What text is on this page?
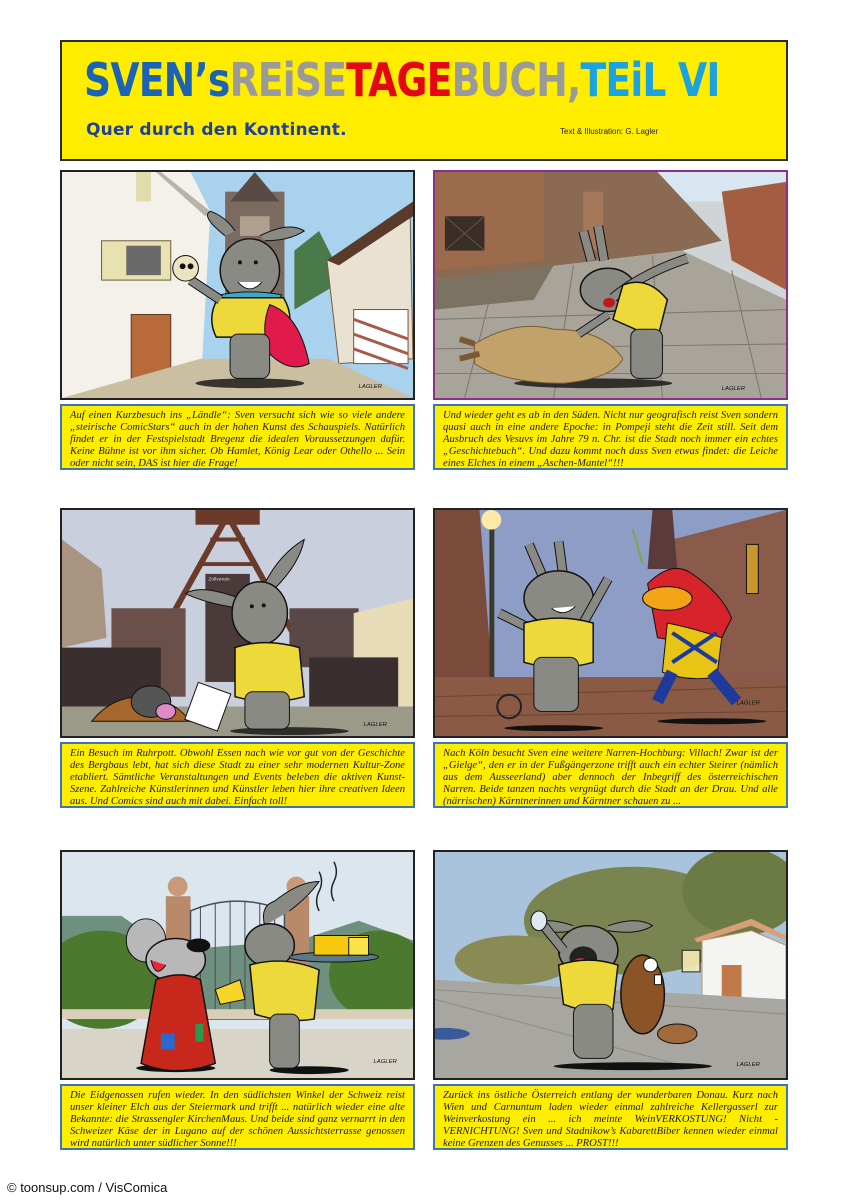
SVEN’sREiSETAGEBUCH,TEiL VI
Quer durch den Kontinent.	Text & Illustration: G. Lagler
LAGLER
Auf einen Kurzbesuch ins „Ländle“: Sven versucht sich wie so viele andere „steirische ComicStars“ auch in der hohen Kunst des Schauspiels. Natürlich findet er in der Festspielstadt Bregenz die idealen Voraussetzungen dafür. Keine Bühne ist vor ihm sicher. Ob Hamlet, König Lear oder Othello ... Sein oder nicht sein, DAS ist hier die Frage!
LAGLER
Und wieder geht es ab in den Süden. Nicht nur geografisch reist Sven sondern quasi auch in eine andere Epoche: in Pompeji steht die Zeit still. Seit dem Ausbruch des Vesuvs im Jahre 79 n. Chr. ist die Stadt noch immer ein echtes „Geschichtebuch“. Und dazu kommt noch dass Sven etwas findet: die Leiche eines Elches in einem „Aschen-Mantel“!!!
Zollverein
LAGLER
Ein Besuch im Ruhrpott. Obwohl Essen nach wie vor gut von der Geschichte des Bergbaus lebt, hat sich diese Stadt zu einer sehr modernen Kultur-Zone etabliert. Sämtliche Veranstaltungen und Events beleben die aktiven Kunst-Szene. Zahlreiche Künstlerinnen und Künstler leben hier ihre creativen Ideen aus. Und Comics sind auch mit dabei. Einfach toll!
LAGLER
Nach Köln besucht Sven eine weitere Narren-Hochburg: Villach! Zwar ist der „Gielge“, den er in der Fußgängerzone trifft auch ein echter Steirer (nämlich aus dem Ausseerland) aber dennoch der Inbegriff des österreichischen Narren. Beide tanzen nachts vergnügt durch die Stadt an der Drau. Und alle (närrischen) Kärntnerinnen und Kärntner schauen zu ...
LAGLER
Die Eidgenossen rufen wieder. In den südlichsten Winkel der Schweiz reist unser kleiner Elch aus der Steiermark und trifft ... natürlich wieder eine alte Bekannte: die Strassengler KirchenMaus. Und beide sind ganz vernarrt in den Schweizer Käse der in Lugano auf der schönen Aussichtsterrasse genossen wird natürlich unter südlicher Sonne!!!
LAGLER
Zurück ins östliche Österreich entlang der wunderbaren Donau. Kurz nach Wien und Carnuntum laden wieder einmal zahlreiche Kellergasserl zur Weinverkostung ein ... ich meinte WeinVERKOSTUNG! Nicht -VERNICHTUNG! Sven und Stadnikow’s KabarettBiber kennen wieder einmal keine Grenzen des Genusses ... PROST!!!
© toonsup.com / VisComica
